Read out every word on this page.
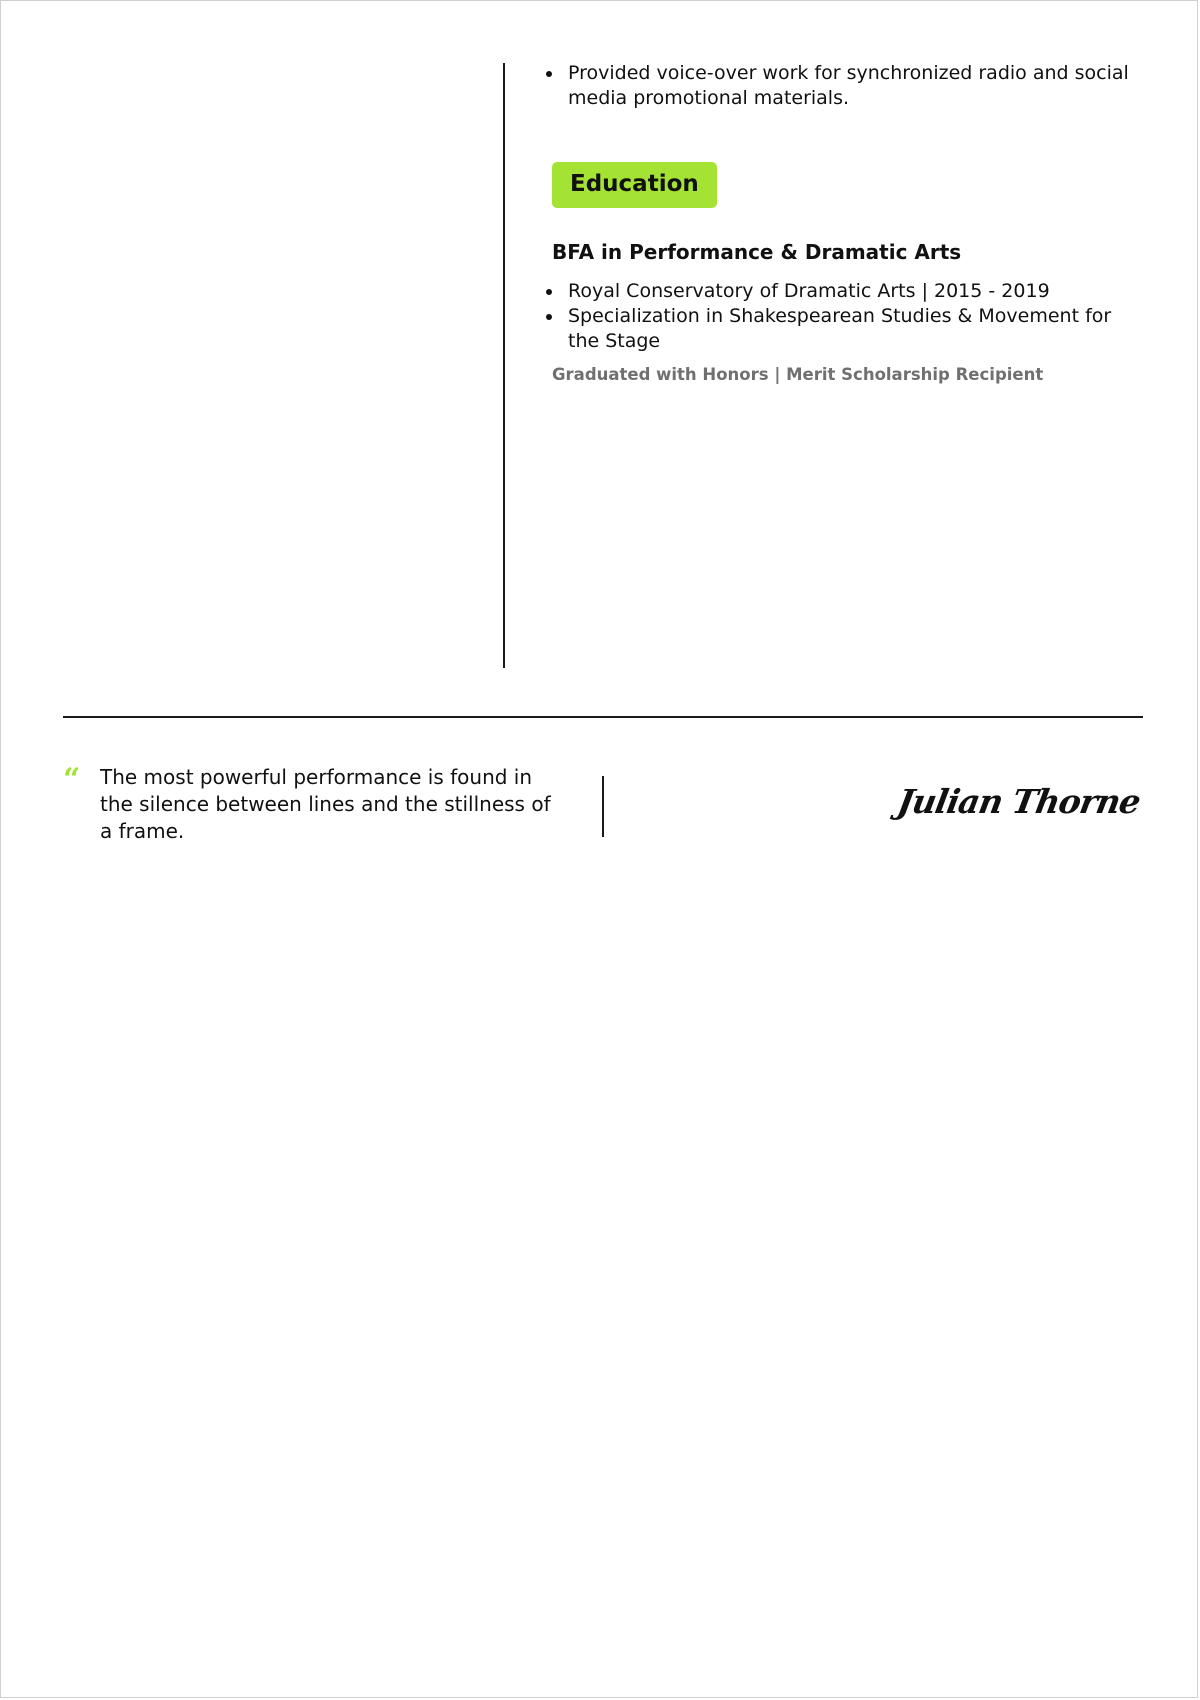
Provided voice-over work for synchronized radio and social media promotional materials.
Education
BFA in Performance & Dramatic Arts
Royal Conservatory of Dramatic Arts | 2015 - 2019
Specialization in Shakespearean Studies & Movement for the Stage
Graduated with Honors | Merit Scholarship Recipient
“ The most powerful performance is found in the silence between lines and the stillness of a frame.
Julian Thorne
